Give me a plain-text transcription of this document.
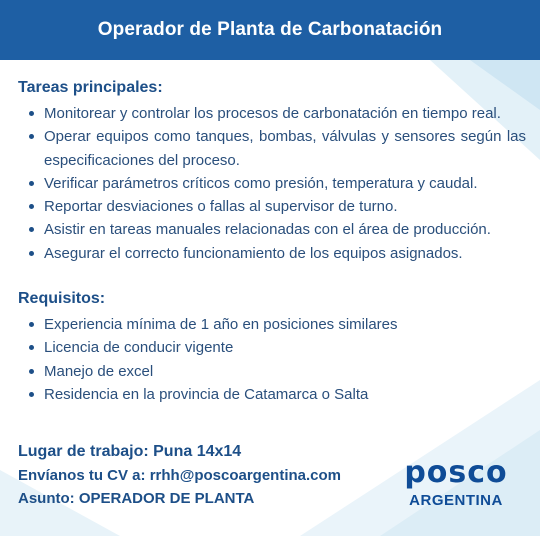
Operador de Planta de Carbonatación
Tareas principales:
Monitorear y controlar los procesos de carbonatación en tiempo real.
Operar equipos como tanques, bombas, válvulas y sensores según las especificaciones del proceso.
Verificar parámetros críticos como presión, temperatura y caudal.
Reportar desviaciones o fallas al supervisor de turno.
Asistir en tareas manuales relacionadas con el área de producción.
Asegurar el correcto funcionamiento de los equipos asignados.
Requisitos:
Experiencia mínima de 1 año en posiciones similares
Licencia de conducir vigente
Manejo de excel
Residencia en la provincia de Catamarca o Salta
Lugar de trabajo: Puna 14x14
Envíanos tu CV a: rrhh@poscoargentina.com
Asunto: OPERADOR DE PLANTA
posco
ARGENTINA
